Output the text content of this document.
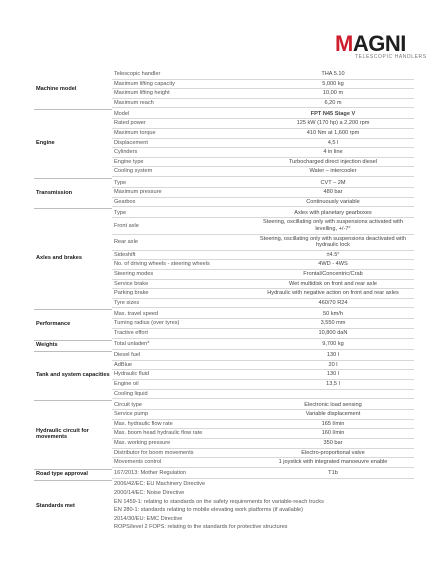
MAGNI
TELESCOPIC HANDLERS
Machine model	Telescopic handler	THA 5.10
	Maximum lifting capacity	5,000 kg
	Maximum lifting height	10,00 m
	Maximum reach	6,20 m

Engine	Model	FPT N45 Stage V
	Rated power	125 kW (170 hp) a 2,200 rpm
	Maximum torque	410 Nm at 1,600 rpm
	Displacement	4,5 l
	Cylinders	4 in line
	Engine type	Turbocharged direct injection diesel
	Cooling system	Water – intercooler

Transmission	Type	CVT – 2M
	Maximum pressure	480 bar
	Gearbox	Continuously variable

Axles and brakes	Type	Axles with planetary gearboxes
	Front axle	Steering, oscillating only with suspensions activated with levelling, +/-7°
	Rear axle	Steering, oscillating only with suspensions deactivated with hydraulic lock
	Sideshift	±4.5°
	No. of driving wheels - steering wheels	4WD - 4WS
	Steering modes	Frontal/Concentric/Crab
	Service brake	Wet multidisk on front and rear axle
	Parking brake	Hydraulic with negative action on front and rear axles
	Tyre sizes	460/70 R24

Performance	Max. travel speed	50 km/h
	Turning radius (over tyres)	3,550 mm
	Tractive effort	10,800 daN

Weights	Total unladen*	9,700 kg

Tank and system capacities	Diesel fuel	130 l
	AdBlue	20 l
	Hydraulic fluid	130 l
	Engine oil	13,5 l
	Cooling liquid	

Hydraulic circuit for movements	Circuit type	Electronic load sensing
	Service pump	Variable displacement
	Max. hydraulic flow rate	165 l/min
	Max. boom head hydraulic flow rate	160 l/min
	Max. working pressure	350 bar
	Distributor for boom movements	Electro-proportional valve
	Movements control	1 joystick with integrated manoeuvre enable

Road type approval	167/2013: Mother Regulation	T1b

Standards met	2006/42/EC: EU Machinery Directive	
	2000/14/EC: Noise Directive	
	EN 1459-1: relating to standards on the safety requirements for variable-reach trucks	
	EN 280-1: standards relating to mobile elevating work platforms (if available)	
	2014/30/EU: EMC Directive	
	ROPS/level 2 FOPS: relating to the standards for protective structures	
